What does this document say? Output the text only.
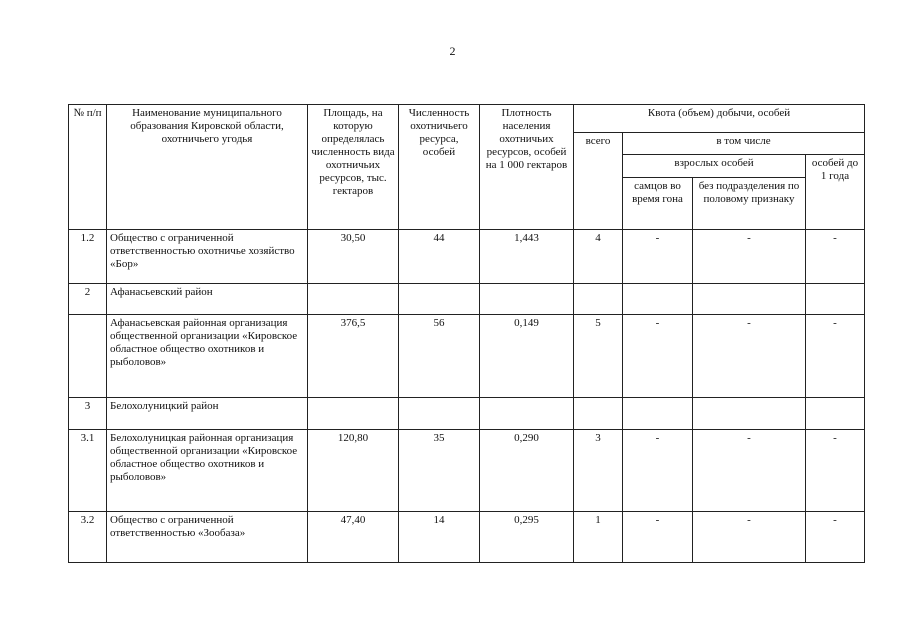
2
№ п/п	Наименование муниципального образования Кировской области, охотничьего угодья	Площадь, на которую определялась численность вида охотничьих ресурсов, тыс. гектаров	Численность охотничьего ресурса, особей	Плотность населения охотничьих ресурсов, особей на 1 000 гектаров	Квота (объем) добычи, особей			
					всего	в том числе		
						взрослых особей		особей до 1 года
						самцов во время гона	без подразделения по половому признаку	
1.2	Общество с ограниченной ответственностью охотничье хозяйство «Бор»	30,50	44	1,443	4	-	-	-
2	Афанасьевский район							
	Афанасьевская районная организация общественной организации «Кировское областное общество охотников и рыболовов»	376,5	56	0,149	5	-	-	-
3	Белохолуницкий район							
3.1	Белохолуницкая районная организация общественной организации «Кировское областное общество охотников и рыболовов»	120,80	35	0,290	3	-	-	-
3.2	Общество с ограниченной ответственностью «Зообаза»	47,40	14	0,295	1	-	-	-
